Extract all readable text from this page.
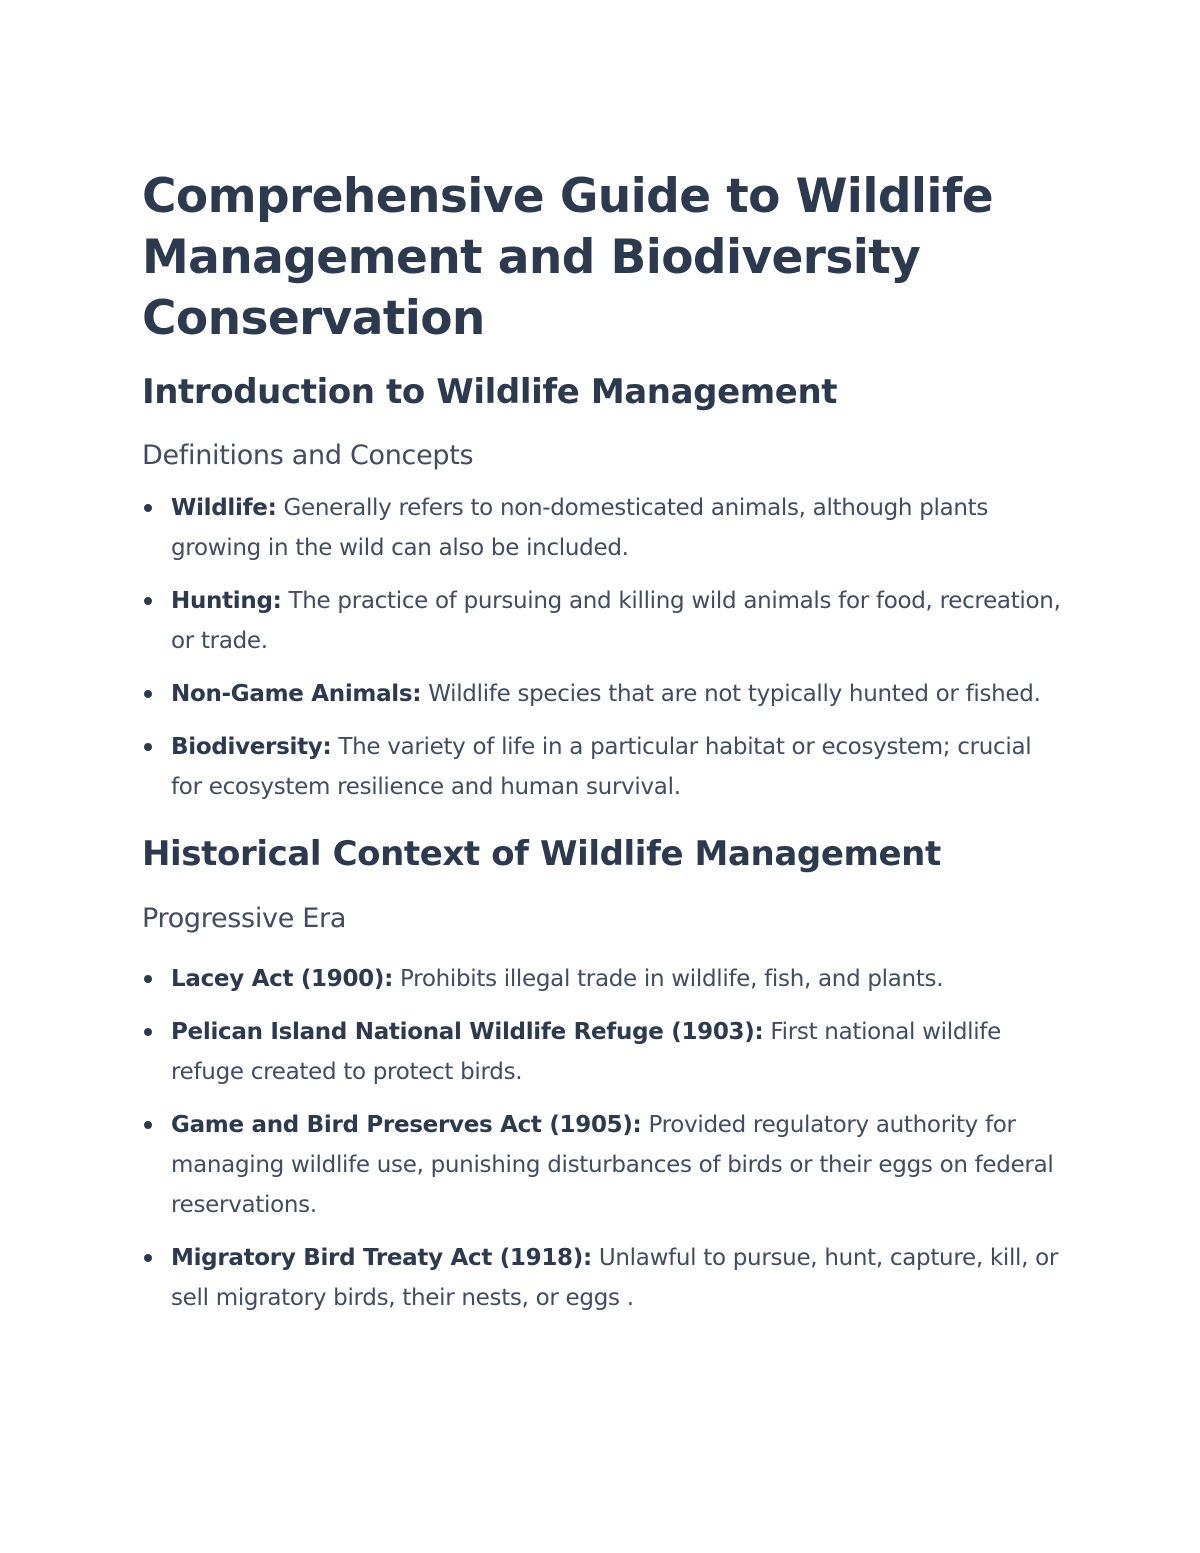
Comprehensive Guide to Wildlife Management and Biodiversity Conservation
Introduction to Wildlife Management
Definitions and Concepts
Wildlife: Generally refers to non-domesticated animals, although plants growing in the wild can also be included.
Hunting: The practice of pursuing and killing wild animals for food, recreation, or trade.
Non-Game Animals: Wildlife species that are not typically hunted or fished.
Biodiversity: The variety of life in a particular habitat or ecosystem; crucial for ecosystem resilience and human survival.
Historical Context of Wildlife Management
Progressive Era
Lacey Act (1900): Prohibits illegal trade in wildlife, fish, and plants.
Pelican Island National Wildlife Refuge (1903): First national wildlife refuge created to protect birds.
Game and Bird Preserves Act (1905): Provided regulatory authority for managing wildlife use, punishing disturbances of birds or their eggs on federal reservations.
Migratory Bird Treaty Act (1918): Unlawful to pursue, hunt, capture, kill, or sell migratory birds, their nests, or eggs .
